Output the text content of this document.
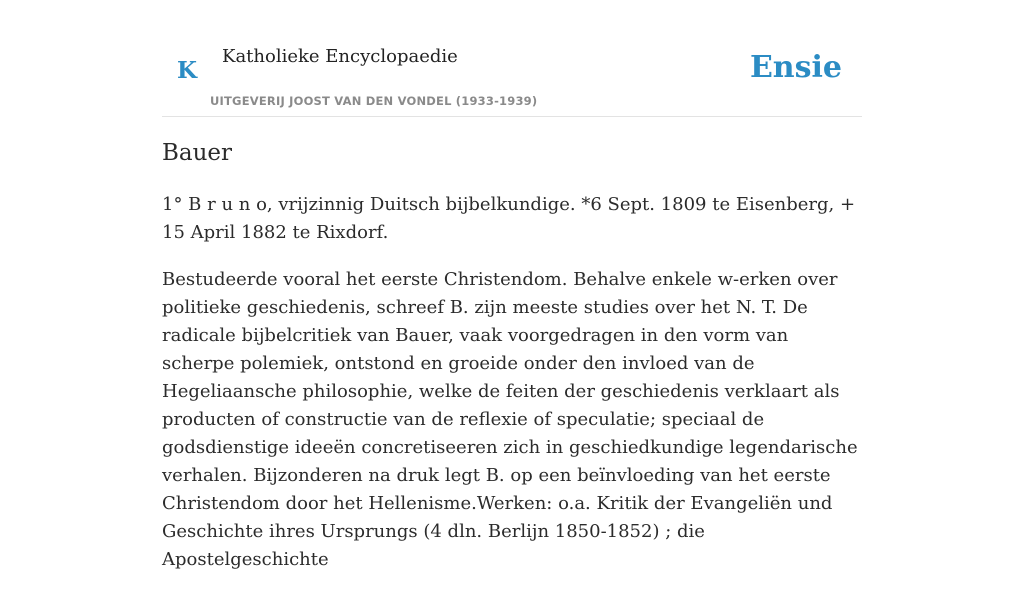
K
Katholieke Encyclopaedie
UITGEVERIJ JOOST VAN DEN VONDEL (1933-1939)
Ensie
Bauer

1° B r u n o, vrijzinnig Duitsch bijbelkundige. *6 Sept. 1809 te Eisenberg, + 15 April 1882 te Rixdorf.

Bestudeerde vooral het eerste Christendom. Behalve enkele w-erken over politieke geschiedenis, schreef B. zijn meeste studies over het N. T. De radicale bijbelcritiek van Bauer, vaak voorgedragen in den vorm van scherpe polemiek, ontstond en groeide onder den invloed van de Hegeliaansche philosophie, welke de feiten der geschiedenis verklaart als producten of constructie van de reflexie of speculatie; speciaal de godsdienstige ideeën concretiseeren zich in geschiedkundige legendarische verhalen. Bijzonderen na druk legt B. op een beïnvloeding van het eerste Christendom door het Hellenisme.Werken: o.a. Kritik der Evangeliën und Geschichte ihres Ursprungs (4 dln. Berlijn 1850-1852) ; die Apostelgeschichte
